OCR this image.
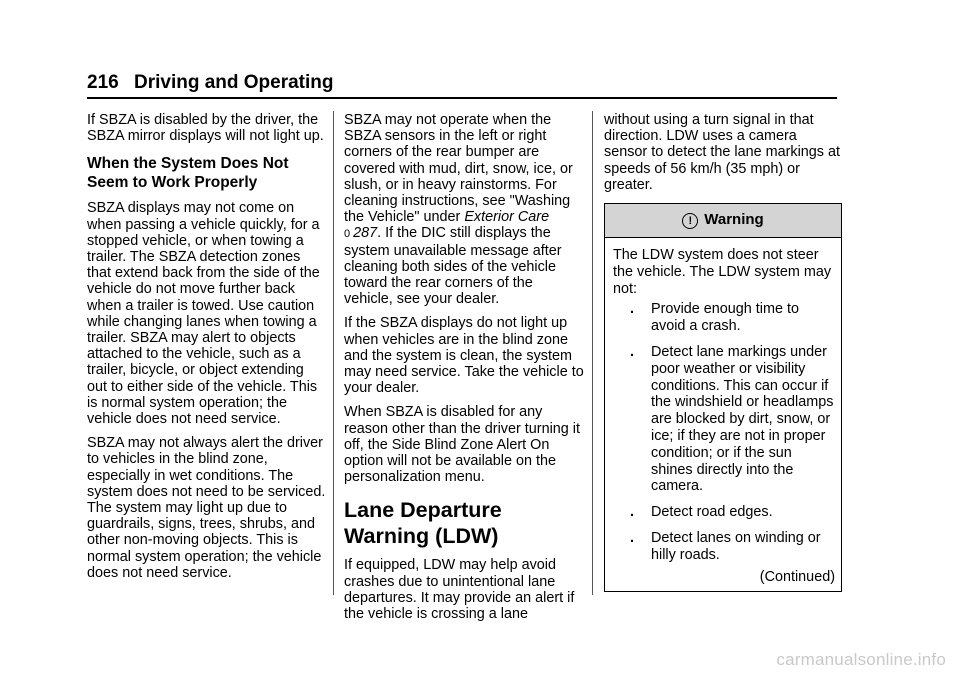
216 Driving and Operating

If SBZA is disabled by the driver, the SBZA mirror displays will not light up.

When the System Does Not Seem to Work Properly

SBZA displays may not come on when passing a vehicle quickly, for a stopped vehicle, or when towing a trailer. The SBZA detection zones that extend back from the side of the vehicle do not move further back when a trailer is towed. Use caution while changing lanes when towing a trailer. SBZA may alert to objects attached to the vehicle, such as a trailer, bicycle, or object extending out to either side of the vehicle. This is normal system operation; the vehicle does not need service.

SBZA may not always alert the driver to vehicles in the blind zone, especially in wet conditions. The system does not need to be serviced. The system may light up due to guardrails, signs, trees, shrubs, and other non-moving objects. This is normal system operation; the vehicle does not need service.

SBZA may not operate when the SBZA sensors in the left or right corners of the rear bumper are covered with mud, dirt, snow, ice, or slush, or in heavy rainstorms. For cleaning instructions, see "Washing the Vehicle" under Exterior Care
0 287. If the DIC still displays the system unavailable message after cleaning both sides of the vehicle toward the rear corners of the vehicle, see your dealer.

If the SBZA displays do not light up when vehicles are in the blind zone and the system is clean, the system may need service. Take the vehicle to your dealer.

When SBZA is disabled for any reason other than the driver turning it off, the Side Blind Zone Alert On option will not be available on the personalization menu.

Lane Departure Warning (LDW)

If equipped, LDW may help avoid crashes due to unintentional lane departures. It may provide an alert if the vehicle is crossing a lane

without using a turn signal in that direction. LDW uses a camera sensor to detect the lane markings at speeds of 56 km/h (35 mph) or greater.

! Warning

The LDW system does not steer the vehicle. The LDW system may not:

.	Provide enough time to avoid a crash.
.	Detect lane markings under poor weather or visibility conditions. This can occur if the windshield or headlamps are blocked by dirt, snow, or ice; if they are not in proper condition; or if the sun shines directly into the camera.
.	Detect road edges.
.	Detect lanes on winding or hilly roads.
(Continued)
carmanualsonline.info
